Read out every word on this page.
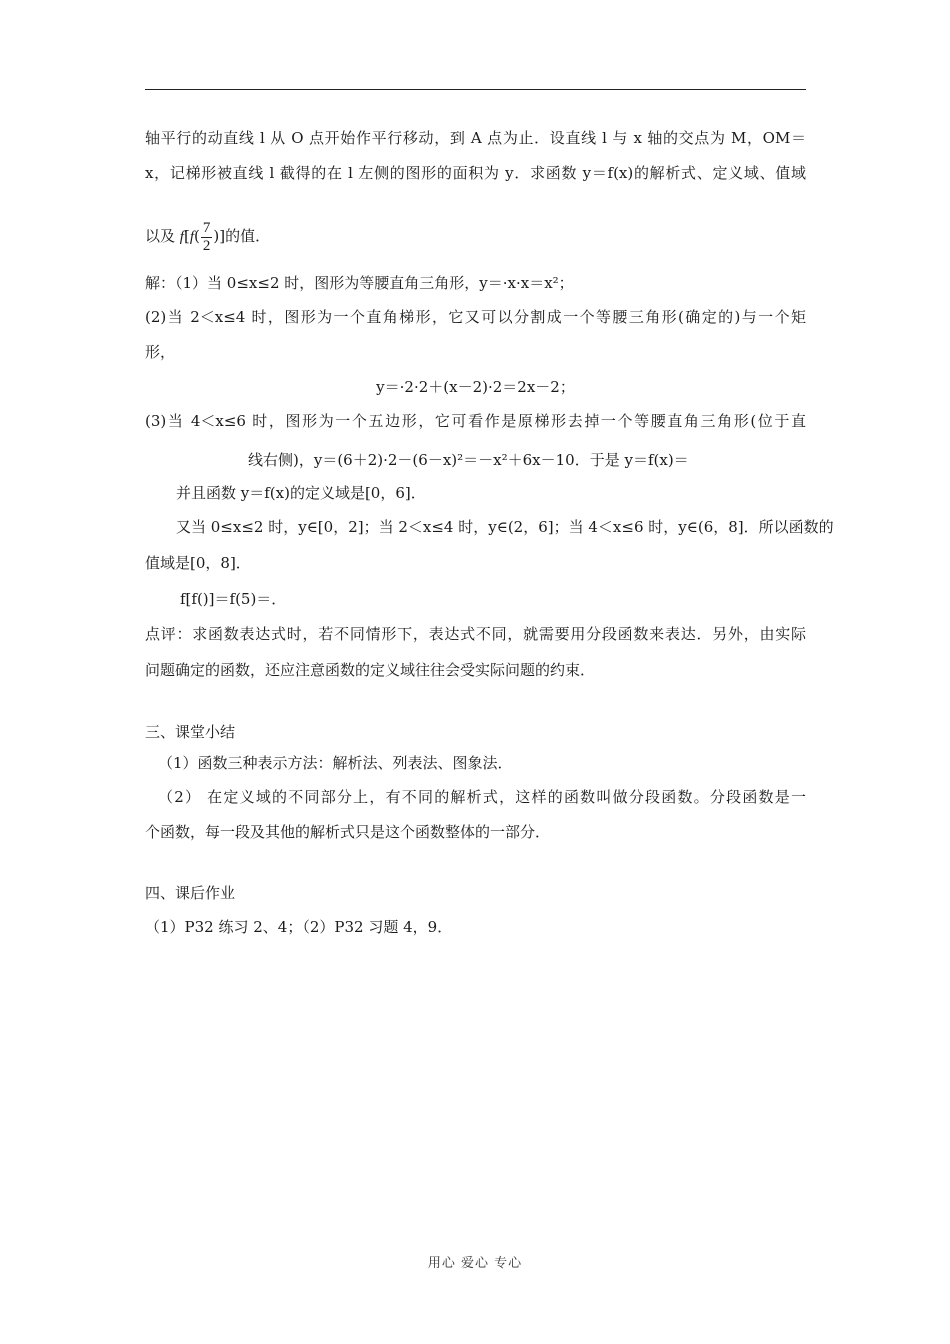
轴平行的动直线 l 从 O 点开始作平行移动，到 A 点为止．设直线 l 与 x 轴的交点为 M，OM＝
x，记梯形被直线 l 截得的在 l 左侧的图形的面积为 y．求函数 y＝f(x)的解析式、定义域、值域
以及 $f[f( \frac{7}{2}$ )]的值．
解：（1）当 0≤x≤2 时，图形为等腰直角三角形，y＝·x·x＝x²；
(2)当 2＜x≤4 时，图形为一个直角梯形，它又可以分割成一个等腰三角形(确定的)与一个矩
形，
y＝·2·2＋(x－2)·2＝2x－2；
(3)当 4＜x≤6 时，图形为一个五边形，它可看作是原梯形去掉一个等腰直角三角形(位于直
线右侧)，y＝(6＋2)·2－(6－x)²＝－x²＋6x－10．于是 y＝f(x)＝
并且函数 y＝f(x)的定义域是[0，6]．
又当 0≤x≤2 时，y∈[0，2]；当 2＜x≤4 时，y∈(2，6]；当 4＜x≤6 时，y∈(6，8]．所以函数的
值域是[0，8]．
f[f()]＝f(5)＝．
点评：求函数表达式时，若不同情形下，表达式不同，就需要用分段函数来表达．另外，由实际
问题确定的函数，还应注意函数的定义域往往会受实际问题的约束．
三、课堂小结
（1）函数三种表示方法：解析法、列表法、图象法．
（2） 在定义域的不同部分上，有不同的解析式，这样的函数叫做分段函数。分段函数是一
个函数，每一段及其他的解析式只是这个函数整体的一部分．
四、课后作业
（1）P32 练习 2、4；（2）P32 习题 4，9．
用心 爱心 专心
